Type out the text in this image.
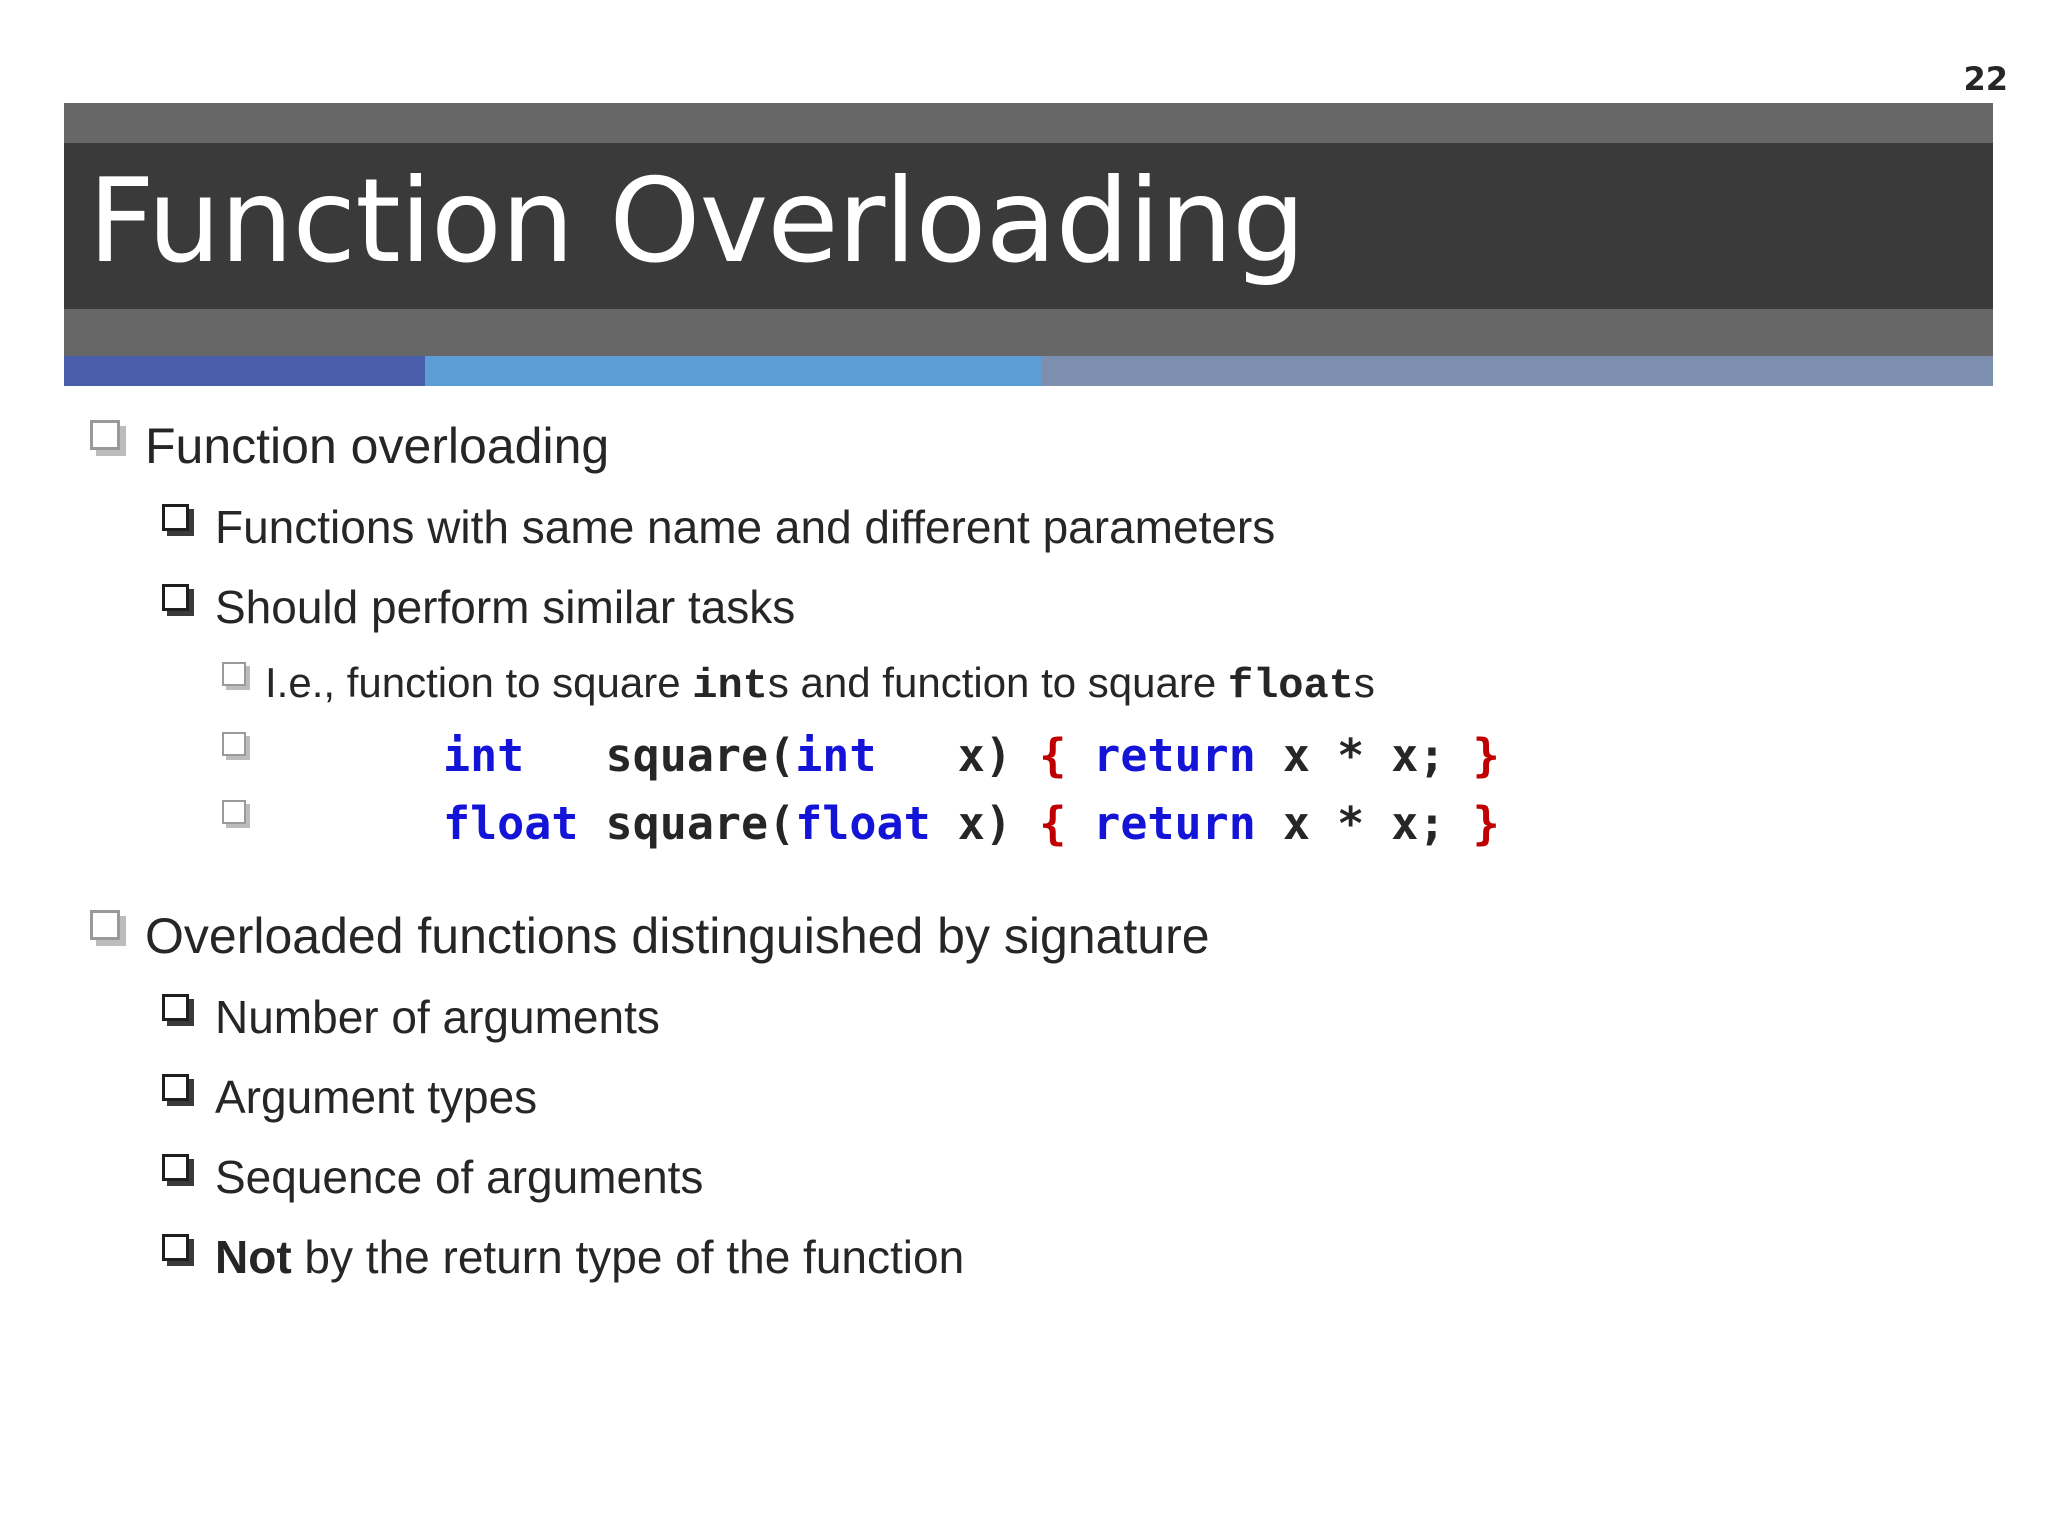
22
Function Overloading
Function overloading
Functions with same name and different parameters
Should perform similar tasks
I.e., function to square ints and function to square floats
int   square(int   x) { return x * x; }
float square(float x) { return x * x; }
Overloaded functions distinguished by signature
Number of arguments
Argument types
Sequence of arguments
Not by the return type of the function
